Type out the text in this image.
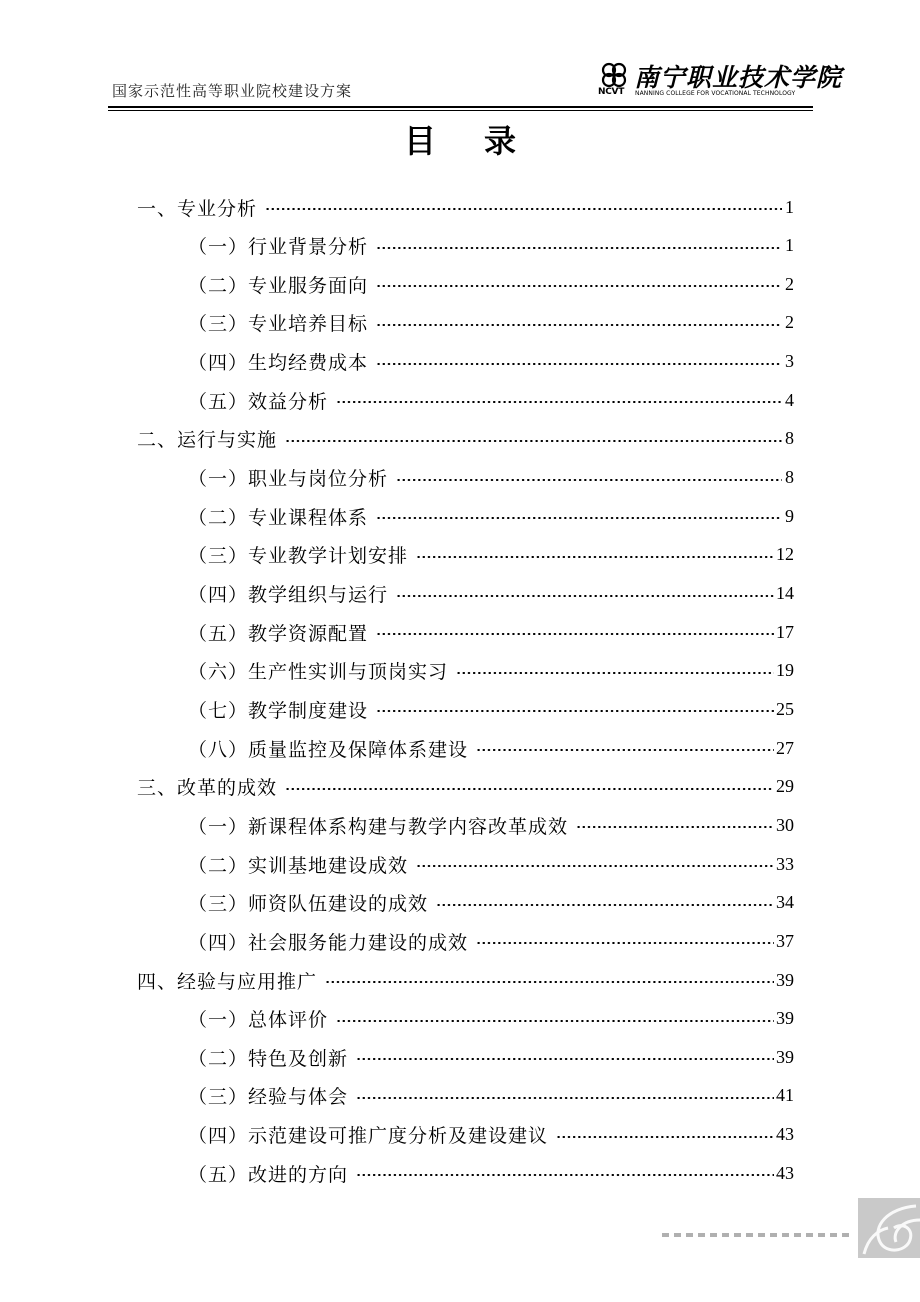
国家示范性高等职业院校建设方案	NCVT 南宁职业技术学院
NANNING COLLEGE FOR VOCATIONAL TECHNOLOGY
目录
一、专业分析	1
（一）行业背景分析	1
（二）专业服务面向	2
（三）专业培养目标	2
（四）生均经费成本	3
（五）效益分析	4
二、运行与实施	8
（一）职业与岗位分析	8
（二）专业课程体系	9
（三）专业教学计划安排	12
（四）教学组织与运行	14
（五）教学资源配置	17
（六）生产性实训与顶岗实习	19
（七）教学制度建设	25
（八）质量监控及保障体系建设	27
三、改革的成效	29
（一）新课程体系构建与教学内容改革成效	30
（二）实训基地建设成效	33
（三）师资队伍建设的成效	34
（四）社会服务能力建设的成效	37
四、经验与应用推广	39
（一）总体评价	39
（二）特色及创新	39
（三）经验与体会	41
（四）示范建设可推广度分析及建设建议	43
（五）改进的方向	43
